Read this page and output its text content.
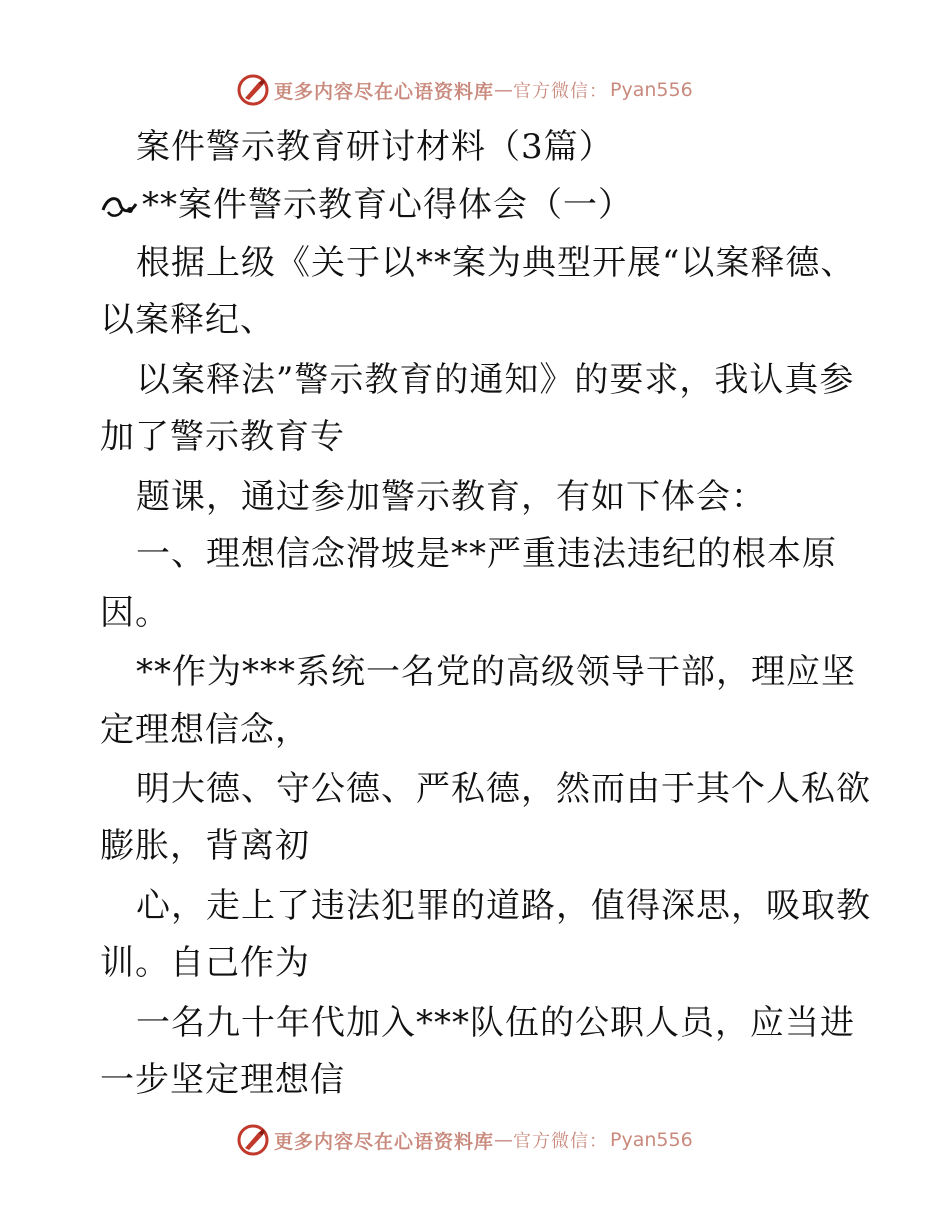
更多内容尽在心语资料库 — 官方微信： Pyan556
案件警示教育研讨材料（3篇）
**案件警示教育心得体会（一）
根据上级《关于以**案为典型开展“以案释德、
以案释纪、
以案释法”警示教育的通知》的要求，我认真参
加了警示教育专
题课，通过参加警示教育，有如下体会：
一、理想信念滑坡是**严重违法违纪的根本原
因。
**作为***系统一名党的高级领导干部，理应坚
定理想信念，
明大德、守公德、严私德，然而由于其个人私欲
膨胀，背离初
心，走上了违法犯罪的道路，值得深思，吸取教
训。自己作为
一名九十年代加入***队伍的公职人员，应当进
一步坚定理想信
更多内容尽在心语资料库 — 官方微信： Pyan556
